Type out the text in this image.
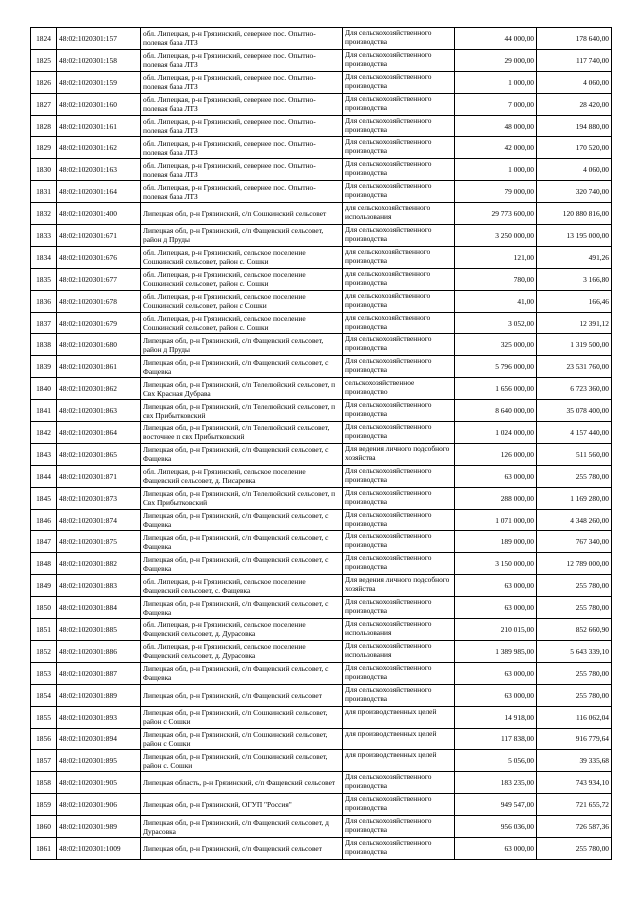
1824	48:02:1020301:157	обл. Липецкая, р-н Грязинский, севернее пос. Опытно- полевая база ЛТЗ	Для сельскохозяйственного производства	44 000,00	178 640,00
1825	48:02:1020301:158	обл. Липецкая, р-н Грязинский, севернее пос. Опытно- полевая база ЛТЗ	Для сельскохозяйственного производства	29 000,00	117 740,00
1826	48:02:1020301:159	обл. Липецкая, р-н Грязинский, севернее пос. Опытно-полевая база ЛТЗ	Для сельскохозяйственного производства	1 000,00	4 060,00
1827	48:02:1020301:160	обл. Липецкая, р-н Грязинский, севернее пос. Опытно-полевая база ЛТЗ	Для сельскохозяйственного производства	7 000,00	28 420,00
1828	48:02:1020301:161	обл. Липецкая, р-н Грязинский, севернее пос. Опытно-полевая база ЛТЗ	Для сельскохозяйственного производства	48 000,00	194 880,00
1829	48:02:1020301:162	обл. Липецкая, р-н Грязинский, севернее пос. Опытно-полевая база ЛТЗ	Для сельскохозяйственного производства	42 000,00	170 520,00
1830	48:02:1020301:163	обл. Липецкая, р-н Грязинский, севернее пос. Опытно-полевая база ЛТЗ	Для сельскохозяйственного производства	1 000,00	4 060,00
1831	48:02:1020301:164	обл. Липецкая, р-н Грязинский, севернее пос. Опытно- полевая база ЛТЗ	Для сельскохозяйственного производства	79 000,00	320 740,00
1832	48:02:1020301:400	Липецкая обл, р-н Грязинский, с/п Сошкинский сельсовет	для сельскохозяйственного использования	29 773 600,00	120 880 816,00
1833	48:02:1020301:671	Липецкая обл, р-н Грязинский, с/п Фащевский сельсовет, район д Пруды	Для сельскохозяйственного производства	3 250 000,00	13 195 000,00
1834	48:02:1020301:676	обл. Липецкая, р-н Грязинский, сельское поселение Сошкинский сельсовет, район с. Сошки	для сельскохозяйственного производства	121,00	491,26
1835	48:02:1020301:677	обл. Липецкая, р-н Грязинский, сельское поселение Сошкинский сельсовет, район с. Сошки	для сельскохозяйственного производства	780,00	3 166,80
1836	48:02:1020301:678	обл. Липецкая, р-н Грязинский, сельское поселение Сошкинский сельсовет, район с Сошки	для сельскохозяйственного производства	41,00	166,46
1837	48:02:1020301:679	обл. Липецкая, р-н Грязинский, сельское поселение Сошкинский сельсовет, район с. Сошки	для сельскохозяйственного производства	3 052,00	12 391,12
1838	48:02:1020301:680	Липецкая обл, р-н Грязинский, с/п Фащевский сельсовет, район д Пруды	Для сельскохозяйственного производства	325 000,00	1 319 500,00
1839	48:02:1020301:861	Липецкая обл, р-н Грязинский, с/п Фащевский сельсовет, с Фащевка	Для сельскохозяйственного производства	5 796 000,00	23 531 760,00
1840	48:02:1020301:862	Липецкая обл, р-н Грязинский, с/п Телелюйский сельсовет, п Свх Красная Дубрава	сельскохозяйственное производство	1 656 000,00	6 723 360,00
1841	48:02:1020301:863	Липецкая обл, р-н Грязинский, с/п Телелюйский сельсовет, п свх Прибытковский	Для сельскохозяйственного производства	8 640 000,00	35 078 400,00
1842	48:02:1020301:864	Липецкая обл, р-н Грязинский, с/п Телелюйский сельсовет, восточнее п свх Прибытковский	Для сельскохозяйственного производства	1 024 000,00	4 157 440,00
1843	48:02:1020301:865	Липецкая обл, р-н Грязинский, с/п Фащевский сельсовет, с Фащевка	Для ведения личного подсобного хозяйства	126 000,00	511 560,00
1844	48:02:1020301:871	обл. Липецкая, р-н Грязинский, сельское поселение Фащевский сельсовет, д. Писаревка	Для сельскохозяйственного производства	63 000,00	255 780,00
1845	48:02:1020301:873	Липецкая обл, р-н Грязинский, с/п Телелюйский сельсовет, п Свх Прибытковский	Для сельскохозяйственного производства	288 000,00	1 169 280,00
1846	48:02:1020301:874	Липецкая обл, р-н Грязинский, с/п Фащевский сельсовет, с Фащевка	Для сельскохозяйственного производства	1 071 000,00	4 348 260,00
1847	48:02:1020301:875	Липецкая обл, р-н Грязинский, с/п Фащевский сельсовет, с Фащевка	Для сельскохозяйственного производства	189 000,00	767 340,00
1848	48:02:1020301:882	Липецкая обл, р-н Грязинский, с/п Фащевский сельсовет, с Фащевка	Для сельскохозяйственного производства	3 150 000,00	12 789 000,00
1849	48:02:1020301:883	обл. Липецкая, р-н Грязинский, сельское поселение Фащевский сельсовет, с. Фащевка	Для ведения личного подсобного хозяйства	63 000,00	255 780,00
1850	48:02:1020301:884	Липецкая обл, р-н Грязинский, с/п Фащевский сельсовет, с Фащевка	Для сельскохозяйственного производства	63 000,00	255 780,00
1851	48:02:1020301:885	обл. Липецкая, р-н Грязинский, сельское поселение Фащевский сельсовет, д. Дурасовка	Для сельскохозяйственного использования	210 015,00	852 660,90
1852	48:02:1020301:886	обл. Липецкая, р-н Грязинский, сельское поселение Фащевский сельсовет, д. Дурасовка	Для сельскохозяйственного использования	1 389 985,00	5 643 339,10
1853	48:02:1020301:887	Липецкая обл, р-н Грязинский, с/п Фащевский сельсовет, с Фащевка	Для сельскохозяйственного производства	63 000,00	255 780,00
1854	48:02:1020301:889	Липецкая обл, р-н Грязинский, с/п Фащевский сельсовет	Для сельскохозяйственного производства	63 000,00	255 780,00
1855	48:02:1020301:893	Липецкая обл, р-н Грязинский, с/п Сошкинский сельсовет, район с Сошки	для производственных целей	14 918,00	116 062,04
1856	48:02:1020301:894	Липецкая обл, р-н Грязинский, с/п Сошкинский сельсовет, район с Сошки	для производственных целей	117 838,00	916 779,64
1857	48:02:1020301:895	Липецкая обл, р-н Грязинский, с/п Сошкинский сельсовет, район с. Сошки	для производственных целей	5 056,00	39 335,68
1858	48:02:1020301:905	Липецкая область, р-н Грязинский, с/п Фащевский сельсовет	Для сельскохозяйственного производства	183 235,00	743 934,10
1859	48:02:1020301:906	Липецкая обл, р-н Грязинский, ОГУП "Россия"	Для сельскохозяйственного производства	949 547,00	721 655,72
1860	48:02:1020301:989	Липецкая обл, р-н Грязинский, с/п Фащевский сельсовет, д Дурасовка	Для сельскохозяйственного производства	956 036,00	726 587,36
1861	48:02:1020301:1009	Липецкая обл, р-н Грязинский, с/п Фащевский сельсовет	Для сельскохозяйственного производства	63 000,00	255 780,00
